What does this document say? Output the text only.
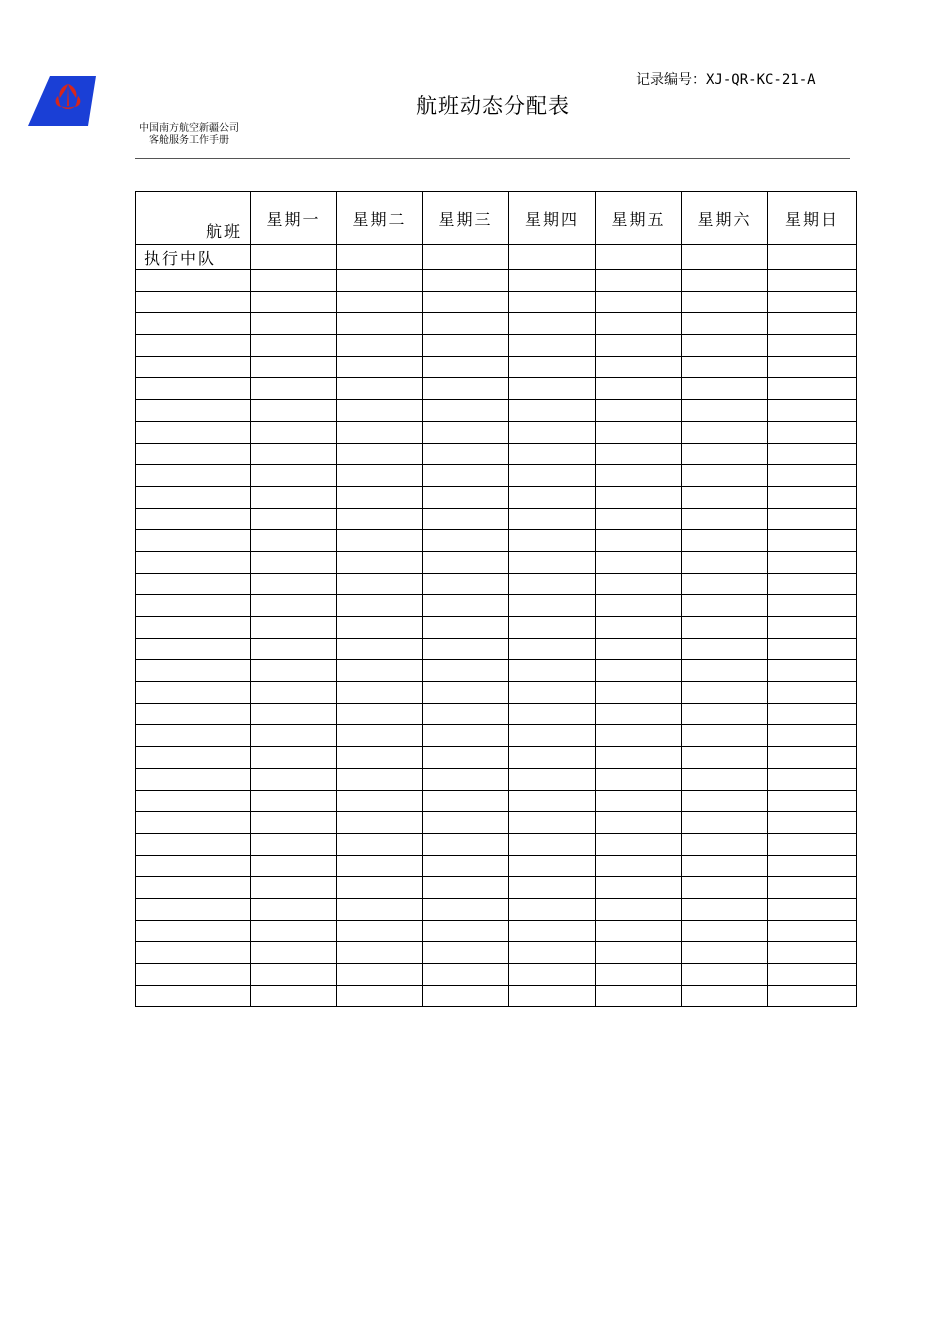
中国南方航空新疆公司
客舱服务工作手册
航班动态分配表
记录编号：XJ-QR-KC-21-A
航班	星期一	星期二	星期三	星期四	星期五	星期六	星期日
执行中队							
